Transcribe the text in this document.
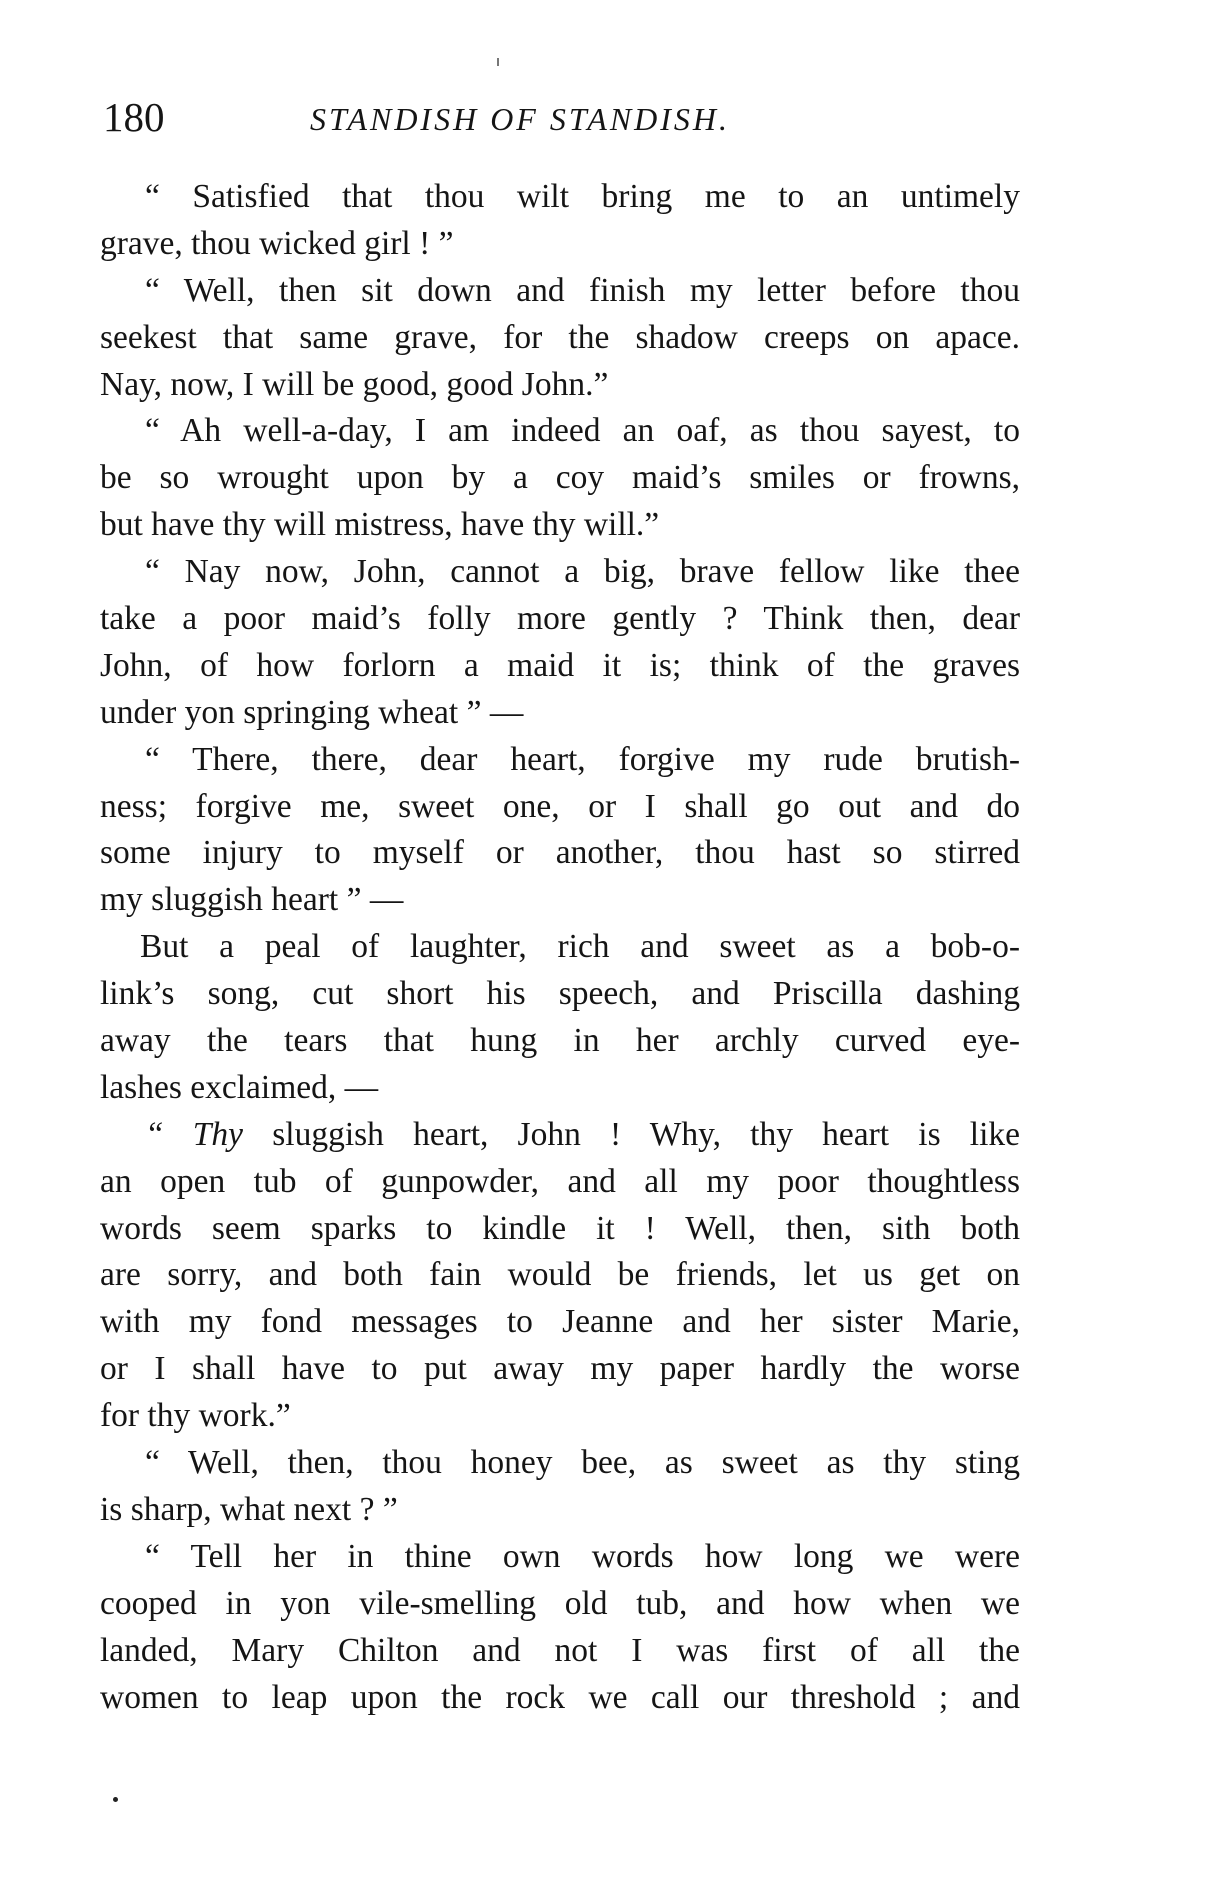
180	STANDISH OF STANDISH.
“ Satisfied that thou wilt bring me to an untimely
grave, thou wicked girl ! ”
“ Well, then sit down and finish my letter before thou
seekest that same grave, for the shadow creeps on apace.
Nay, now, I will be good, good John.”
“ Ah well-a-day, I am indeed an oaf, as thou sayest, to
be so wrought upon by a coy maid’s smiles or frowns,
but have thy will mistress, have thy will.”
“ Nay now, John, cannot a big, brave fellow like thee
take a poor maid’s folly more gently ? Think then, dear
John, of how forlorn a maid it is; think of the graves
under yon springing wheat ” —
“ There, there, dear heart, forgive my rude brutish-
ness; forgive me, sweet one, or I shall go out and do
some injury to myself or another, thou hast so stirred
my sluggish heart ” —
But a peal of laughter, rich and sweet as a bob-o-
link’s song, cut short his speech, and Priscilla dashing
away the tears that hung in her archly curved eye-
lashes exclaimed, —
“ Thy sluggish heart, John ! Why, thy heart is like
an open tub of gunpowder, and all my poor thoughtless
words seem sparks to kindle it ! Well, then, sith both
are sorry, and both fain would be friends, let us get on
with my fond messages to Jeanne and her sister Marie,
or I shall have to put away my paper hardly the worse
for thy work.”
“ Well, then, thou honey bee, as sweet as thy sting
is sharp, what next ? ”
“ Tell her in thine own words how long we were
cooped in yon vile-smelling old tub, and how when we
landed, Mary Chilton and not I was first of all the
women to leap upon the rock we call our threshold ; and
